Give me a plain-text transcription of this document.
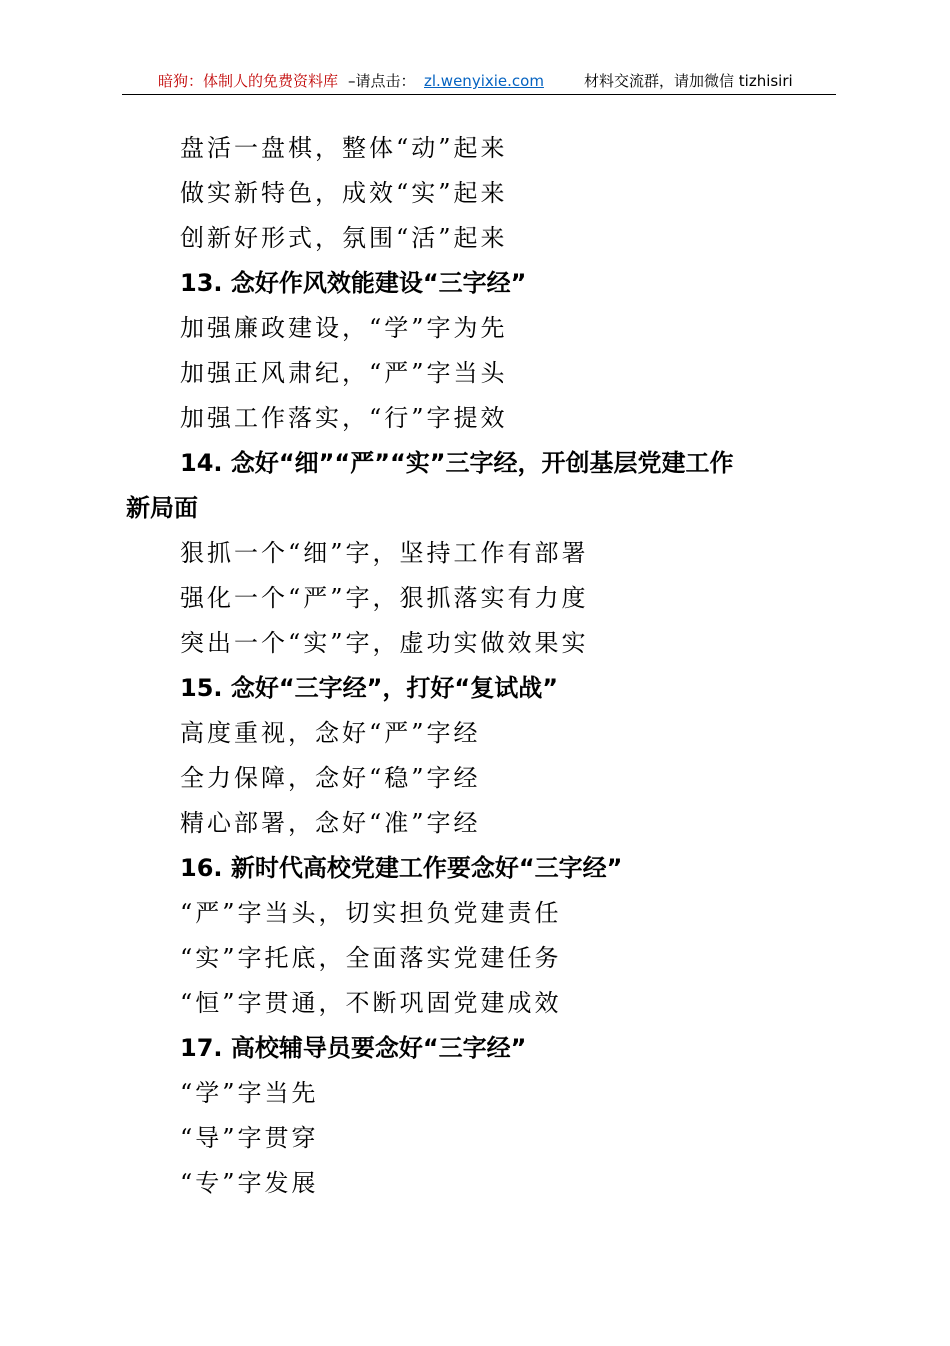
暗狗：体制人的免费资料库 –请点击： zl.wenyixie.com	材料交流群，请加微信 tizhisiri
盘活一盘棋，整体“动”起来
做实新特色，成效“实”起来
创新好形式，氛围“活”起来
13. 念好作风效能建设“三字经”
加强廉政建设，“学”字为先
加强正风肃纪，“严”字当头
加强工作落实，“行”字提效
14. 念好“细”“严”“实”三字经，开创基层党建工作
新局面
狠抓一个“细”字，坚持工作有部署
强化一个“严”字，狠抓落实有力度
突出一个“实”字，虚功实做效果实
15. 念好“三字经”，打好“复试战”
高度重视，念好“严”字经
全力保障，念好“稳”字经
精心部署，念好“准”字经
16. 新时代高校党建工作要念好“三字经”
“严”字当头，切实担负党建责任
“实”字托底，全面落实党建任务
“恒”字贯通，不断巩固党建成效
17. 高校辅导员要念好“三字经”
“学”字当先
“导”字贯穿
“专”字发展
